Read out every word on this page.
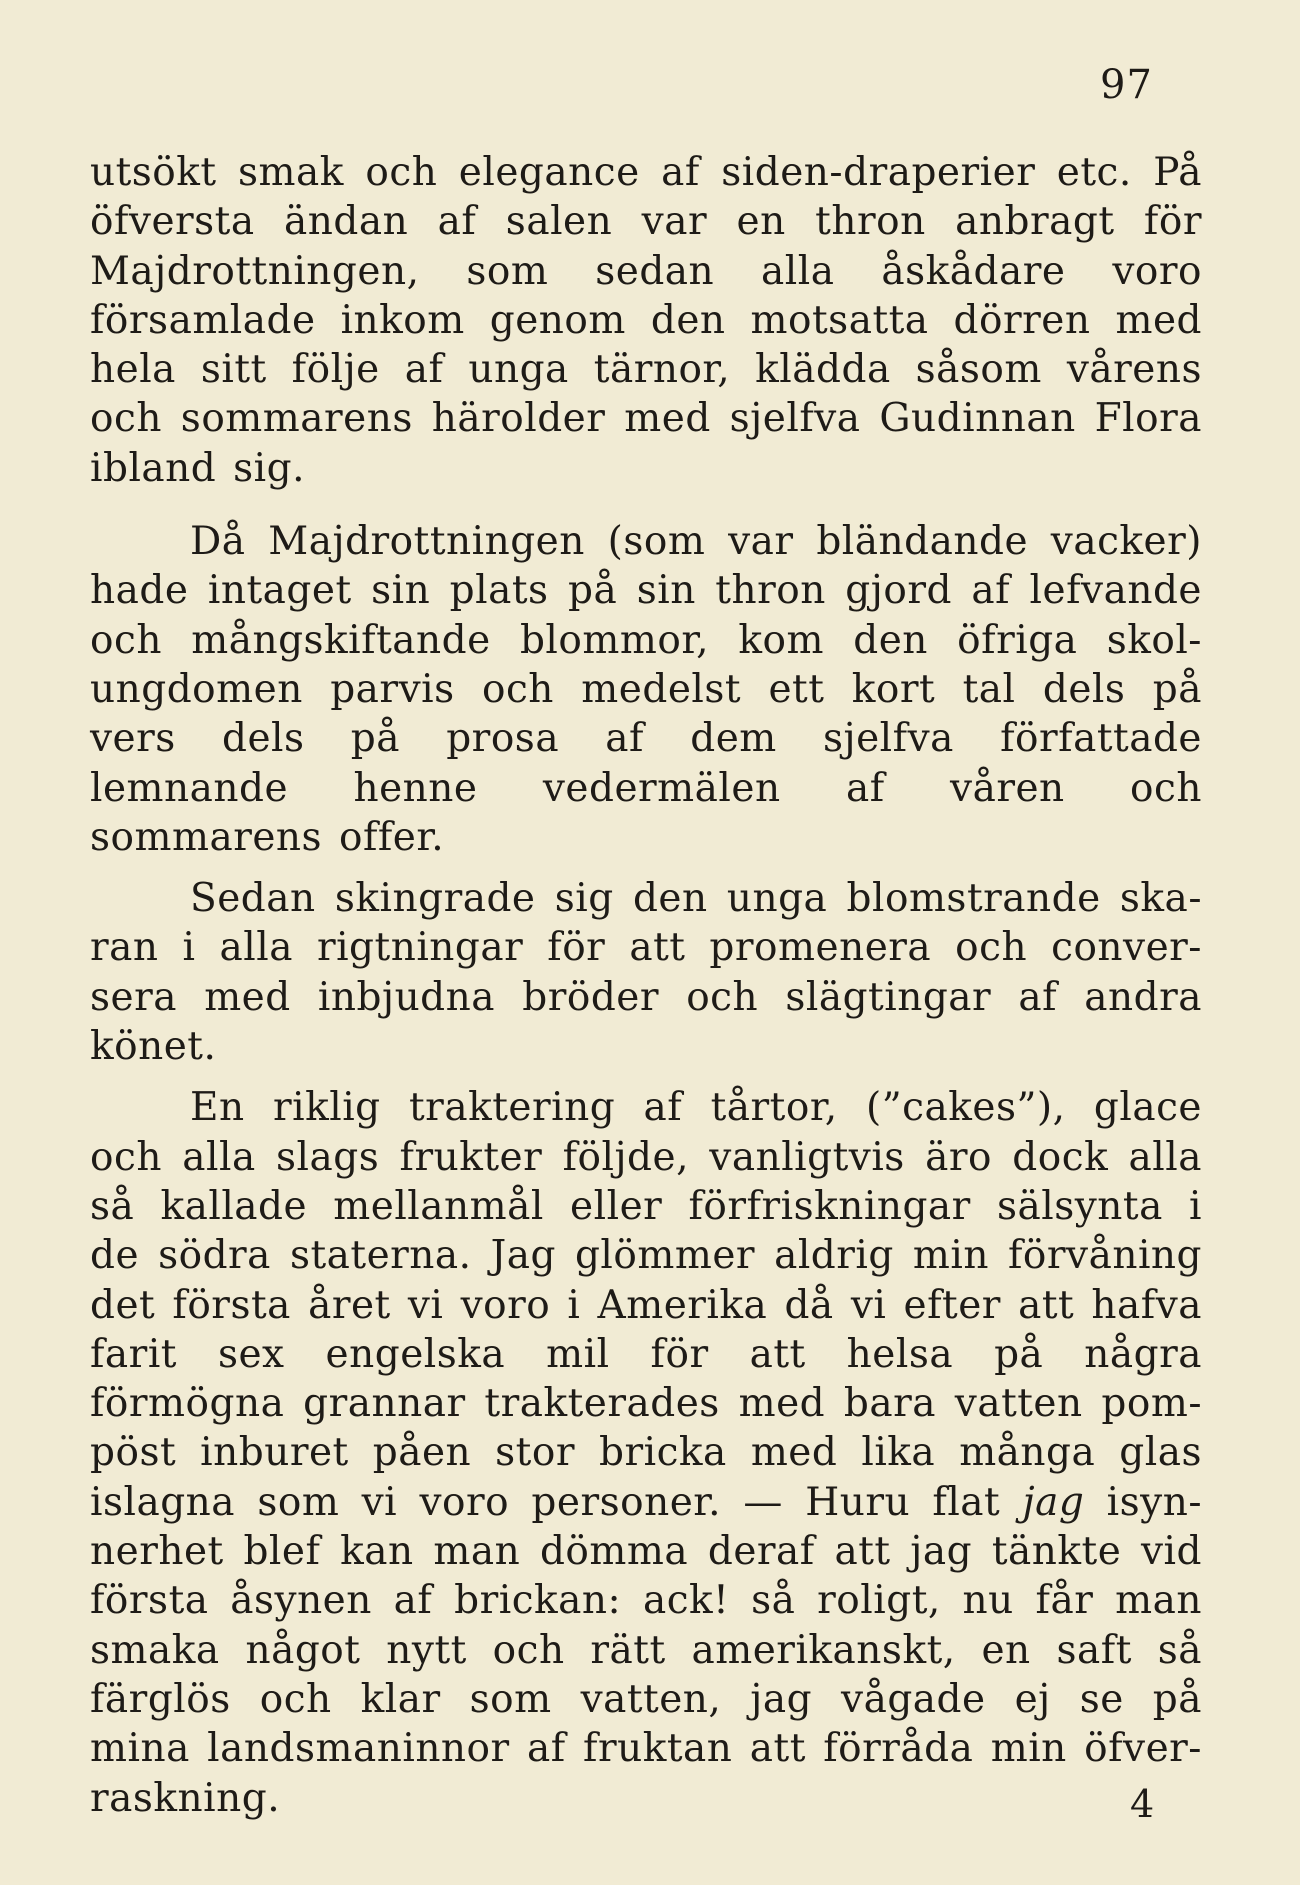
97

utsökt smak och elegance af siden-draperier etc. På öfversta ändan af salen var en thron anbragt för Majdrottningen, som sedan alla åskådare voro församlade inkom genom den motsatta dörren med hela sitt följe af unga tärnor, klädda såsom vårens och sommarens härolder med sjelfva Gudinnan Flora ibland sig.

Då Majdrottningen (som var bländande vacker) hade intaget sin plats på sin thron gjord af lefvande och mångskiftande blommor, kom den öfriga skol-ungdomen parvis och medelst ett kort tal dels på vers dels på prosa af dem sjelfva författade lemnande henne vedermälen af våren och sommarens offer.

Sedan skingrade sig den unga blomstrande ska-ran i alla rigtningar för att promenera och conver-sera med inbjudna bröder och slägtingar af andra könet.

En riklig traktering af tårtor, (”cakes”), glace och alla slags frukter följde, vanligtvis äro dock alla så kallade mellanmål eller förfriskningar sälsynta i de södra staterna. Jag glömmer aldrig min förvåning det första året vi voro i Amerika då vi efter att hafva farit sex engelska mil för att helsa på några förmögna grannar trakterades med bara vatten pom-pöst inburet påen stor bricka med lika många glas islagna som vi voro personer. — Huru flat jag isyn-nerhet blef kan man dömma deraf att jag tänkte vid första åsynen af brickan: ack! så roligt, nu får man smaka något nytt och rätt amerikanskt, en saft så färglös och klar som vatten, jag vågade ej se på mina landsmaninnor af fruktan att förråda min öfver-raskning.	4
